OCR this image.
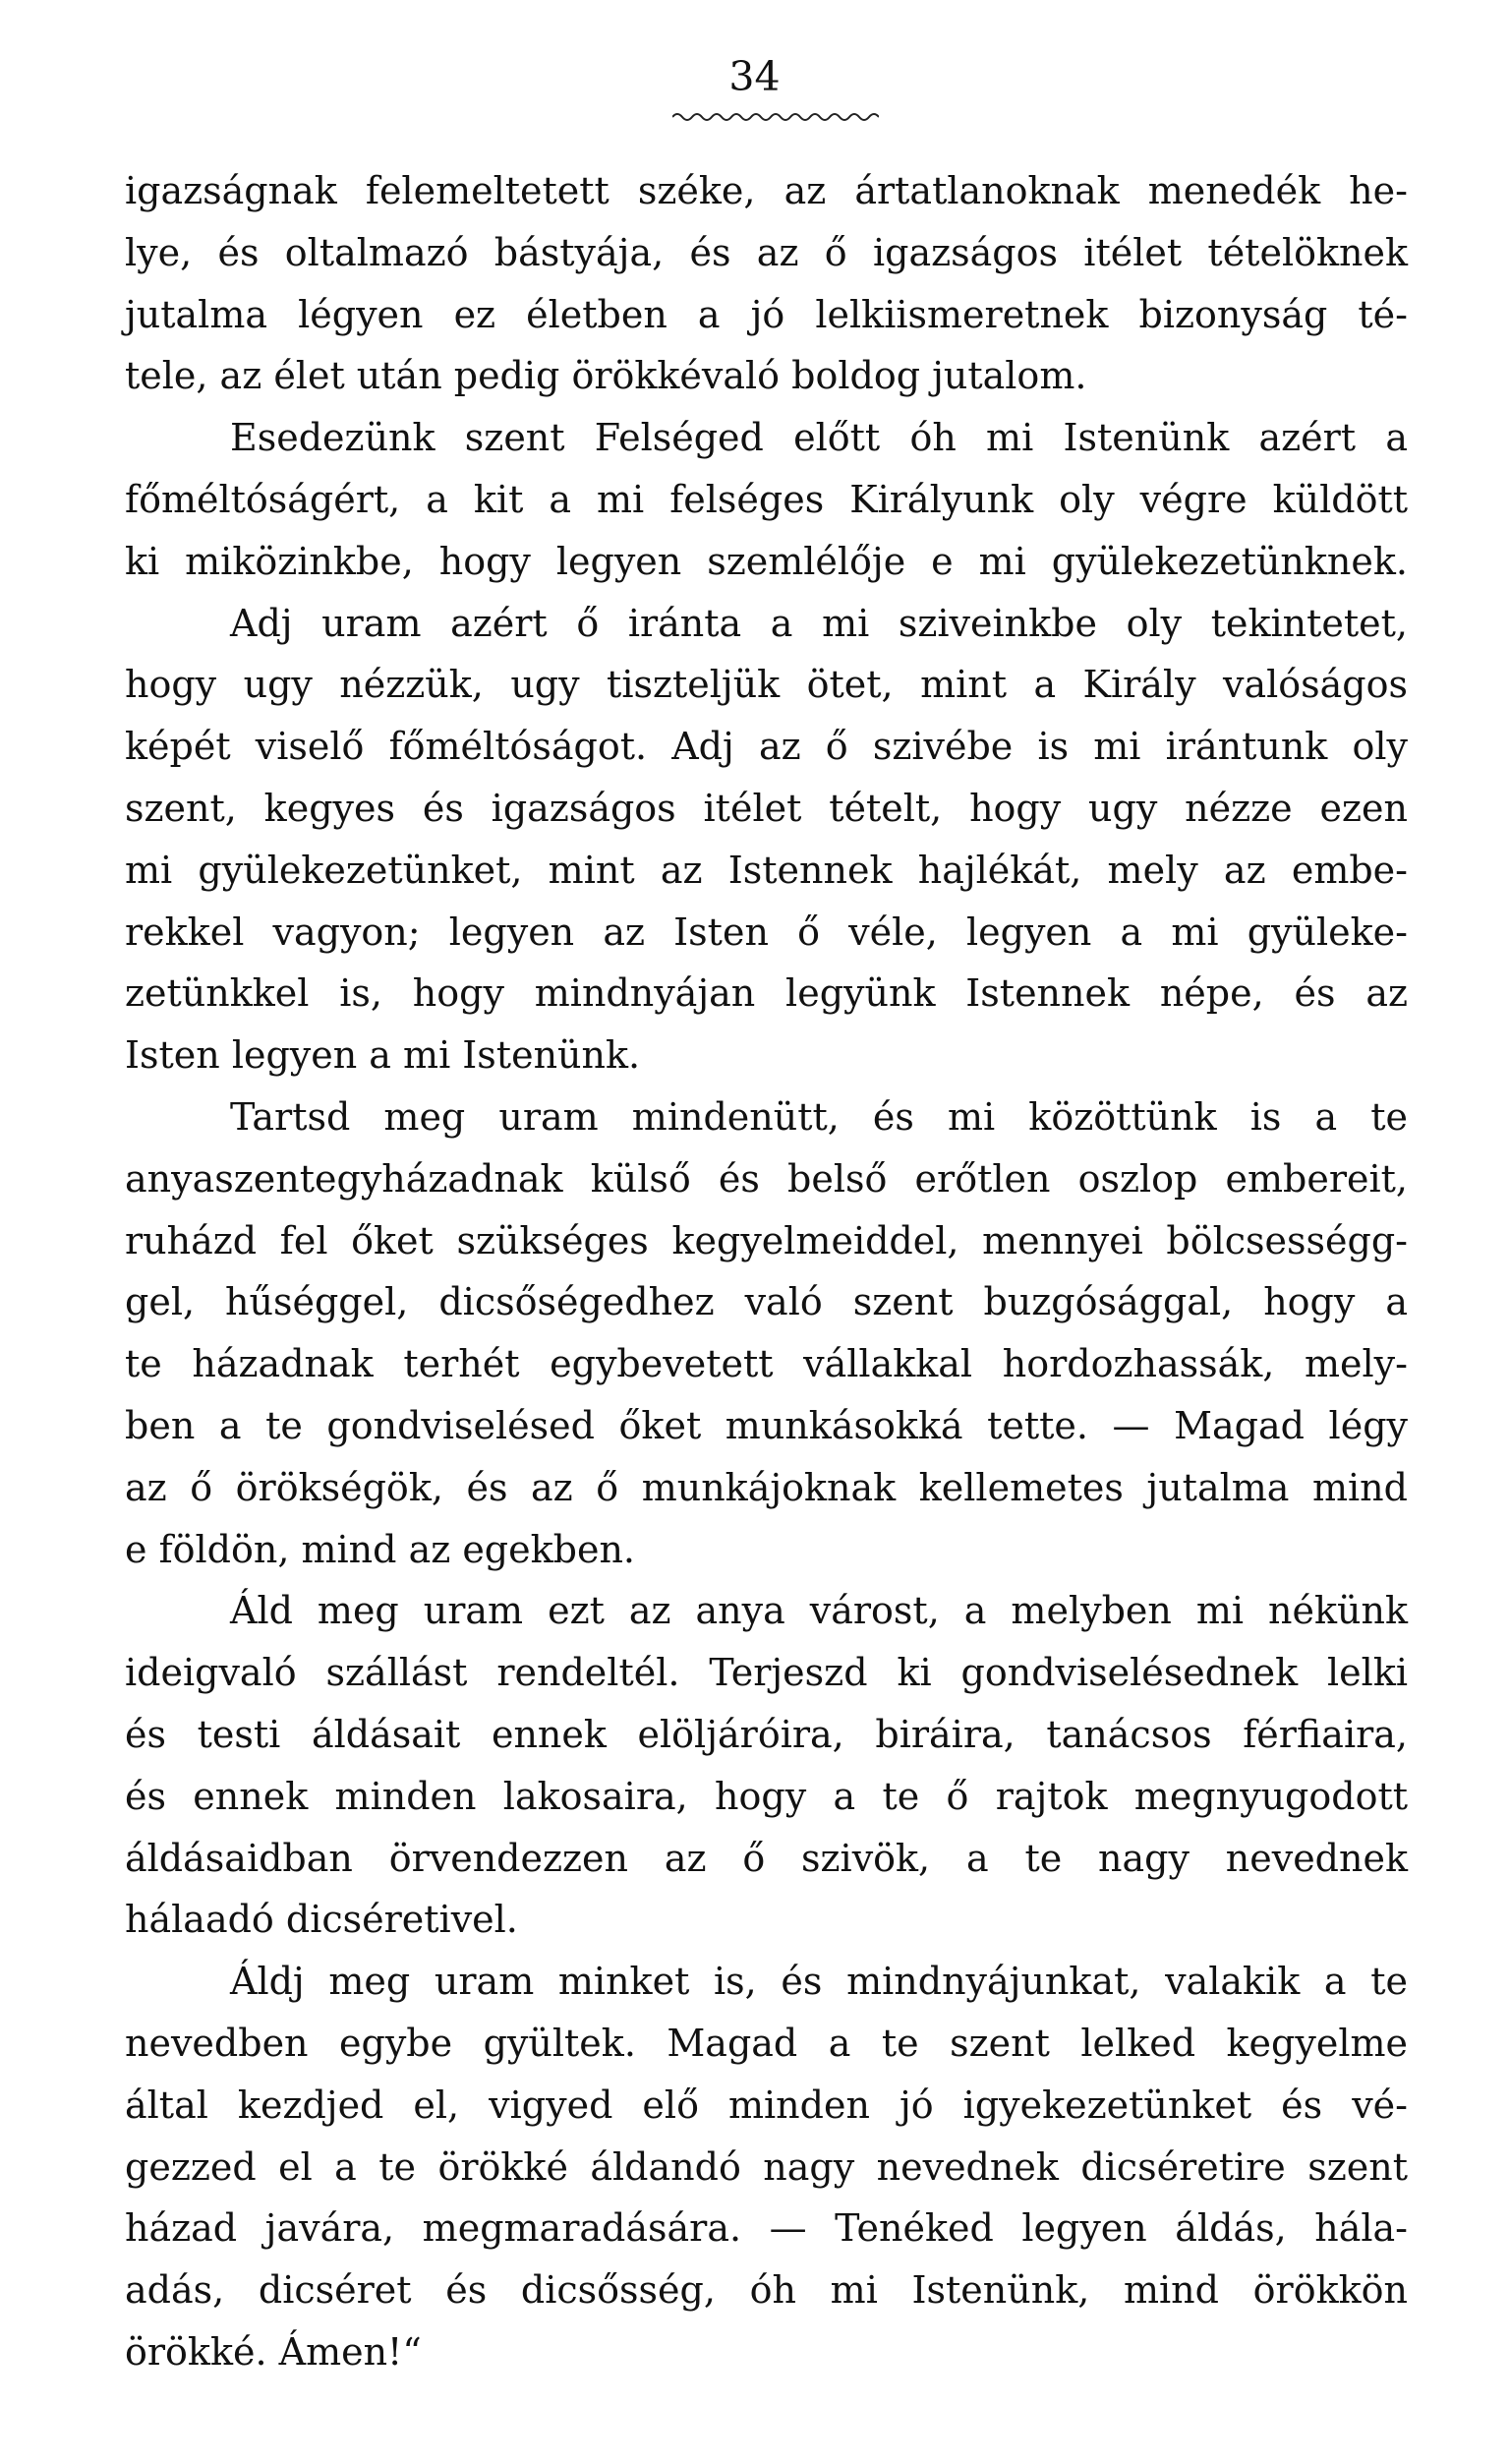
34
igazságnak felemeltetett széke, az ártatlanoknak menedék he-
lye, és oltalmazó bástyája, és az ő igazságos itélet tételöknek
jutalma légyen ez életben a jó lelkiismeretnek bizonyság té-
tele, az élet után pedig örökkévaló boldog jutalom.
Esedezünk szent Felséged előtt óh mi Istenünk azért a
főméltóságért, a kit a mi felséges Királyunk oly végre küldött
ki miközinkbe, hogy legyen szemlélője e mi gyülekezetünknek.
Adj uram azért ő iránta a mi sziveinkbe oly tekintetet,
hogy ugy nézzük, ugy tiszteljük ötet, mint a Király valóságos
képét viselő főméltóságot. Adj az ő szivébe is mi irántunk oly
szent, kegyes és igazságos itélet tételt, hogy ugy nézze ezen
mi gyülekezetünket, mint az Istennek hajlékát, mely az embe-
rekkel vagyon; legyen az Isten ő véle, legyen a mi gyüleke-
zetünkkel is, hogy mindnyájan legyünk Istennek népe, és az
Isten legyen a mi Istenünk.
Tartsd meg uram mindenütt, és mi közöttünk is a te
anyaszentegyházadnak külső és belső erőtlen oszlop embereit,
ruházd fel őket szükséges kegyelmeiddel, mennyei bölcsességg-
gel, hűséggel, dicsőségedhez való szent buzgósággal, hogy a
te házadnak terhét egybevetett vállakkal hordozhassák, mely-
ben a te gondviselésed őket munkásokká tette. — Magad légy
az ő örökségök, és az ő munkájoknak kellemetes jutalma mind
e földön, mind az egekben.
Áld meg uram ezt az anya várost, a melyben mi nékünk
ideigvaló szállást rendeltél. Terjeszd ki gondviselésednek lelki
és testi áldásait ennek elöljáróira, biráira, tanácsos férfiaira,
és ennek minden lakosaira, hogy a te ő rajtok megnyugodott
áldásaidban örvendezzen az ő szivök, a te nagy nevednek
hálaadó dicséretivel.
Áldj meg uram minket is, és mindnyájunkat, valakik a te
nevedben egybe gyültek. Magad a te szent lelked kegyelme
által kezdjed el, vigyed elő minden jó igyekezetünket és vé-
gezzed el a te örökké áldandó nagy nevednek dicséretire szent
házad javára, megmaradására. — Tenéked legyen áldás, hála-
adás, dicséret és dicsősség, óh mi Istenünk, mind örökkön
örökké. Ámen!“
